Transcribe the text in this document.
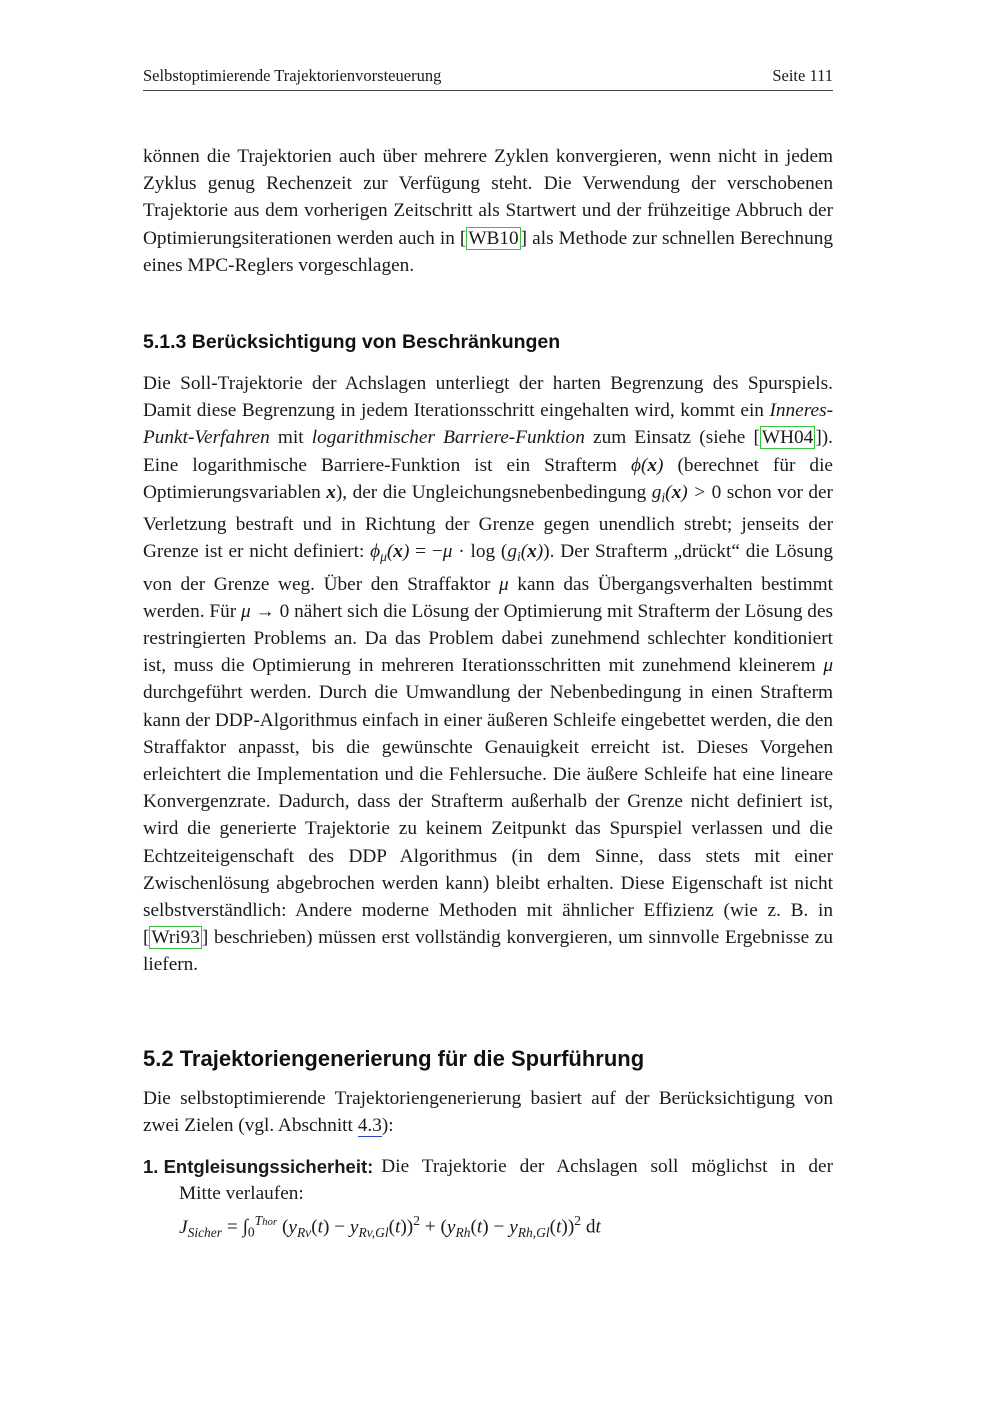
Selbstoptimierende Trajektorienvorsteuerung	Seite 111

können die Trajektorien auch über mehrere Zyklen konvergieren, wenn nicht in jedem Zyklus genug Rechenzeit zur Verfügung steht. Die Verwendung der verschobenen Trajektorie aus dem vorherigen Zeitschritt als Startwert und der frühzeitige Abbruch der Optimierungsiterationen werden auch in [ WB10 ] als Methode zur schnellen Berechnung eines MPC-Reglers vorgeschlagen.

5.1.3 Berücksichtigung von Beschränkungen

Die Soll-Trajektorie der Achslagen unterliegt der harten Begrenzung des Spurspiels. Damit diese Begrenzung in jedem Iterationsschritt eingehalten wird, kommt ein Inneres-Punkt-Verfahren mit logarithmischer Barriere-Funktion zum Einsatz (siehe [ WH04 ]). Eine logarithmische Barriere-Funktion ist ein Strafterm ϕ(x) (berechnet für die Optimierungsvariablen x), der die Ungleichungsnebenbedingung $g_i(x) > 0$ schon vor der Verletzung bestraft und in Richtung der Grenze gegen unendlich strebt; jenseits der Grenze ist er nicht definiert: $\phi_\mu(x) = -\mu \cdot \log (g_i(x))$. Der Strafterm „drückt“ die Lösung von der Grenze weg. Über den Straffaktor μ kann das Übergangsverhalten bestimmt werden. Für μ → 0 nähert sich die Lösung der Optimierung mit Strafterm der Lösung des restringierten Problems an. Da das Problem dabei zunehmend schlechter konditioniert ist, muss die Optimierung in mehreren Iterationsschritten mit zunehmend kleinerem μ durchgeführt werden. Durch die Umwandlung der Nebenbedingung in einen Strafterm kann der DDP-Algorithmus einfach in einer äußeren Schleife eingebettet werden, die den Straffaktor anpasst, bis die gewünschte Genauigkeit erreicht ist. Dieses Vorgehen erleichtert die Implementation und die Fehlersuche. Die äußere Schleife hat eine lineare Konvergenzrate. Dadurch, dass der Strafterm außerhalb der Grenze nicht definiert ist, wird die generierte Trajektorie zu keinem Zeitpunkt das Spurspiel verlassen und die Echtzeiteigenschaft des DDP Algorithmus (in dem Sinne, dass stets mit einer Zwischenlösung abgebrochen werden kann) bleibt erhalten. Diese Eigenschaft ist nicht selbstverständlich: Andere moderne Methoden mit ähnlicher Effizienz (wie z. B. in [ Wri93 ] beschrieben) müssen erst vollständig konvergieren, um sinnvolle Ergebnisse zu liefern.

5.2 Trajektoriengenerierung für die Spurführung

Die selbstoptimierende Trajektoriengenerierung basiert auf der Berücksichtigung von zwei Zielen (vgl. Abschnitt 4.3):

1. Entgleisungssicherheit: Die Trajektorie der Achslagen soll möglichst in der
Mitte verlaufen:
$J_{Sicher} = \int_0^{Thor}$ $(y_{Rv}(t) - y_{Rv,Gl}(t))^2 + (y_{Rh}(t) - y_{Rh,Gl}(t))^2$ dt
